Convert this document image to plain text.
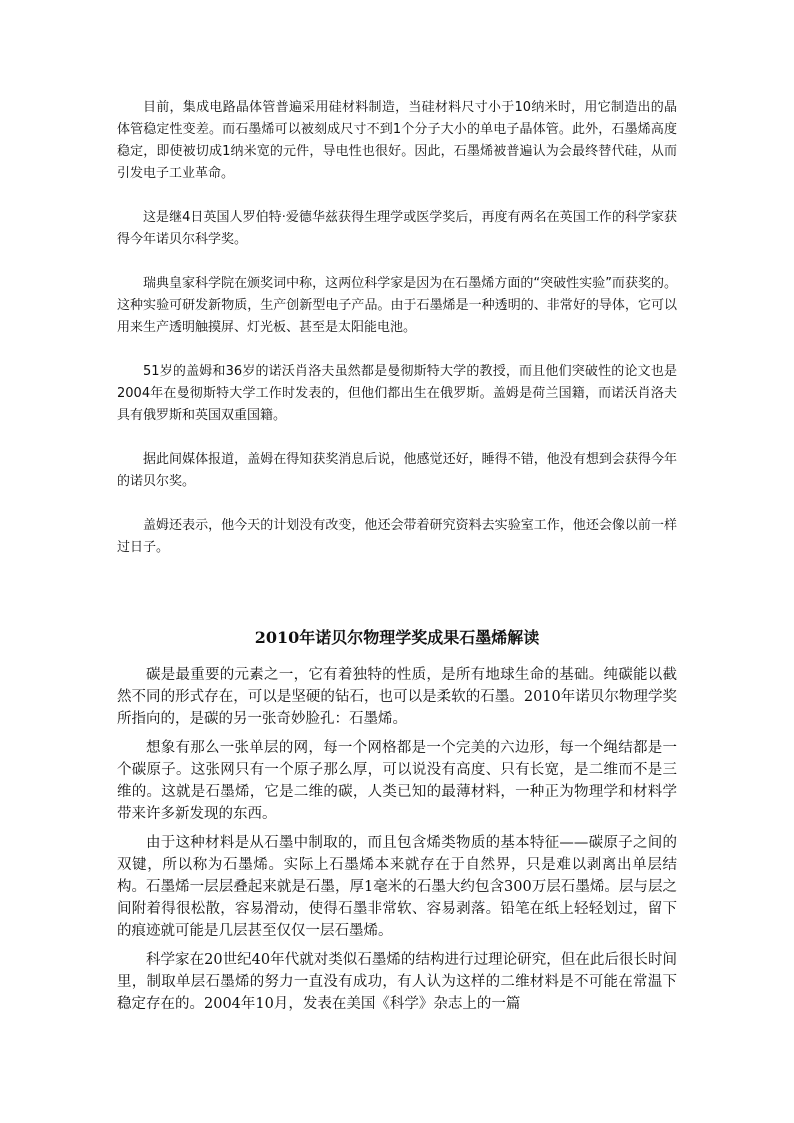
目前，集成电路晶体管普遍采用硅材料制造，当硅材料尺寸小于10纳米时，用它制造出的晶体管稳定性变差。而石墨烯可以被刻成尺寸不到1个分子大小的单电子晶体管。此外，石墨烯高度稳定，即使被切成1纳米宽的元件，导电性也很好。因此，石墨烯被普遍认为会最终替代硅，从而引发电子工业革命。

这是继4日英国人罗伯特·爱德华兹获得生理学或医学奖后，再度有两名在英国工作的科学家获得今年诺贝尔科学奖。

瑞典皇家科学院在颁奖词中称，这两位科学家是因为在石墨烯方面的“突破性实验”而获奖的。这种实验可研发新物质，生产创新型电子产品。由于石墨烯是一种透明的、非常好的导体，它可以用来生产透明触摸屏、灯光板、甚至是太阳能电池。

51岁的盖姆和36岁的诺沃肖洛夫虽然都是曼彻斯特大学的教授，而且他们突破性的论文也是2004年在曼彻斯特大学工作时发表的，但他们都出生在俄罗斯。盖姆是荷兰国籍，而诺沃肖洛夫具有俄罗斯和英国双重国籍。

据此间媒体报道，盖姆在得知获奖消息后说，他感觉还好，睡得不错，他没有想到会获得今年的诺贝尔奖。

盖姆还表示，他今天的计划没有改变，他还会带着研究资料去实验室工作，他还会像以前一样过日子。

2010年诺贝尔物理学奖成果石墨烯解读

碳是最重要的元素之一，它有着独特的性质，是所有地球生命的基础。纯碳能以截然不同的形式存在，可以是坚硬的钻石，也可以是柔软的石墨。2010年诺贝尔物理学奖所指向的，是碳的另一张奇妙脸孔：石墨烯。

想象有那么一张单层的网，每一个网格都是一个完美的六边形，每一个绳结都是一个碳原子。这张网只有一个原子那么厚，可以说没有高度、只有长宽，是二维而不是三维的。这就是石墨烯，它是二维的碳，人类已知的最薄材料，一种正为物理学和材料学带来许多新发现的东西。

由于这种材料是从石墨中制取的，而且包含烯类物质的基本特征——碳原子之间的双键，所以称为石墨烯。实际上石墨烯本来就存在于自然界，只是难以剥离出单层结构。石墨烯一层层叠起来就是石墨，厚1毫米的石墨大约包含300万层石墨烯。层与层之间附着得很松散，容易滑动，使得石墨非常软、容易剥落。铅笔在纸上轻轻划过，留下的痕迹就可能是几层甚至仅仅一层石墨烯。

科学家在20世纪40年代就对类似石墨烯的结构进行过理论研究，但在此后很长时间里，制取单层石墨烯的努力一直没有成功，有人认为这样的二维材料是不可能在常温下稳定存在的。2004年10月，发表在美国《科学》杂志上的一篇
